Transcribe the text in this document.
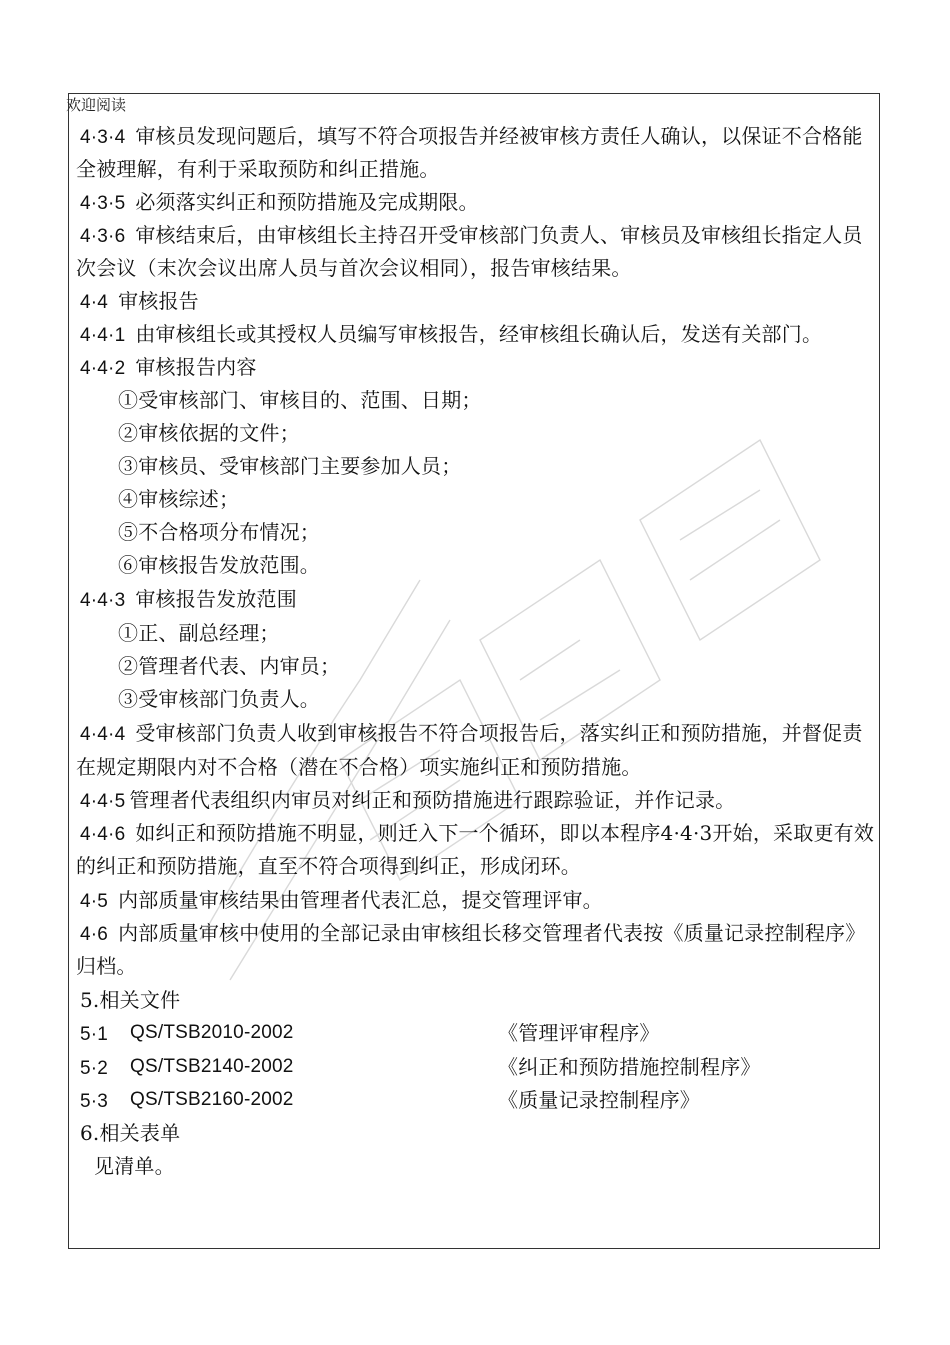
欢迎阅读
4·3·4 审核员发现问题后，填写不符合项报告并经被审核方责任人确认，以保证不合格能
全被理解，有利于采取预防和纠正措施。
4·3·5 必须落实纠正和预防措施及完成期限。
4·3·6 审核结束后，由审核组长主持召开受审核部门负责人、审核员及审核组长指定人员
次会议（末次会议出席人员与首次会议相同），报告审核结果。
4·4 审核报告
4·4·1 由审核组长或其授权人员编写审核报告，经审核组长确认后，发送有关部门。
4·4·2 审核报告内容
①受审核部门、审核目的、范围、日期；
②审核依据的文件；
③审核员、受审核部门主要参加人员；
④审核综述；
⑤不合格项分布情况；
⑥审核报告发放范围。
4·4·3 审核报告发放范围
①正、副总经理；
②管理者代表、内审员；
③受审核部门负责人。
4·4·4 受审核部门负责人收到审核报告不符合项报告后，落实纠正和预防措施，并督促责
在规定期限内对不合格（潜在不合格）项实施纠正和预防措施。
4·4·5 管理者代表组织内审员对纠正和预防措施进行跟踪验证，并作记录。
4·4·6 如纠正和预防措施不明显，则迁入下一个循环，即以本程序4·4·3开始，采取更有效
的纠正和预防措施，直至不符合项得到纠正，形成闭环。
4·5 内部质量审核结果由管理者代表汇总，提交管理评审。
4·6 内部质量审核中使用的全部记录由审核组长移交管理者代表按《质量记录控制程序》
归档。
5.相关文件
5·1 QS/TSB2010-2002	《管理评审程序》
5·2 QS/TSB2140-2002	《纠正和预防措施控制程序》
5·3 QS/TSB2160-2002	《质量记录控制程序》
6.相关表单
见清单。
